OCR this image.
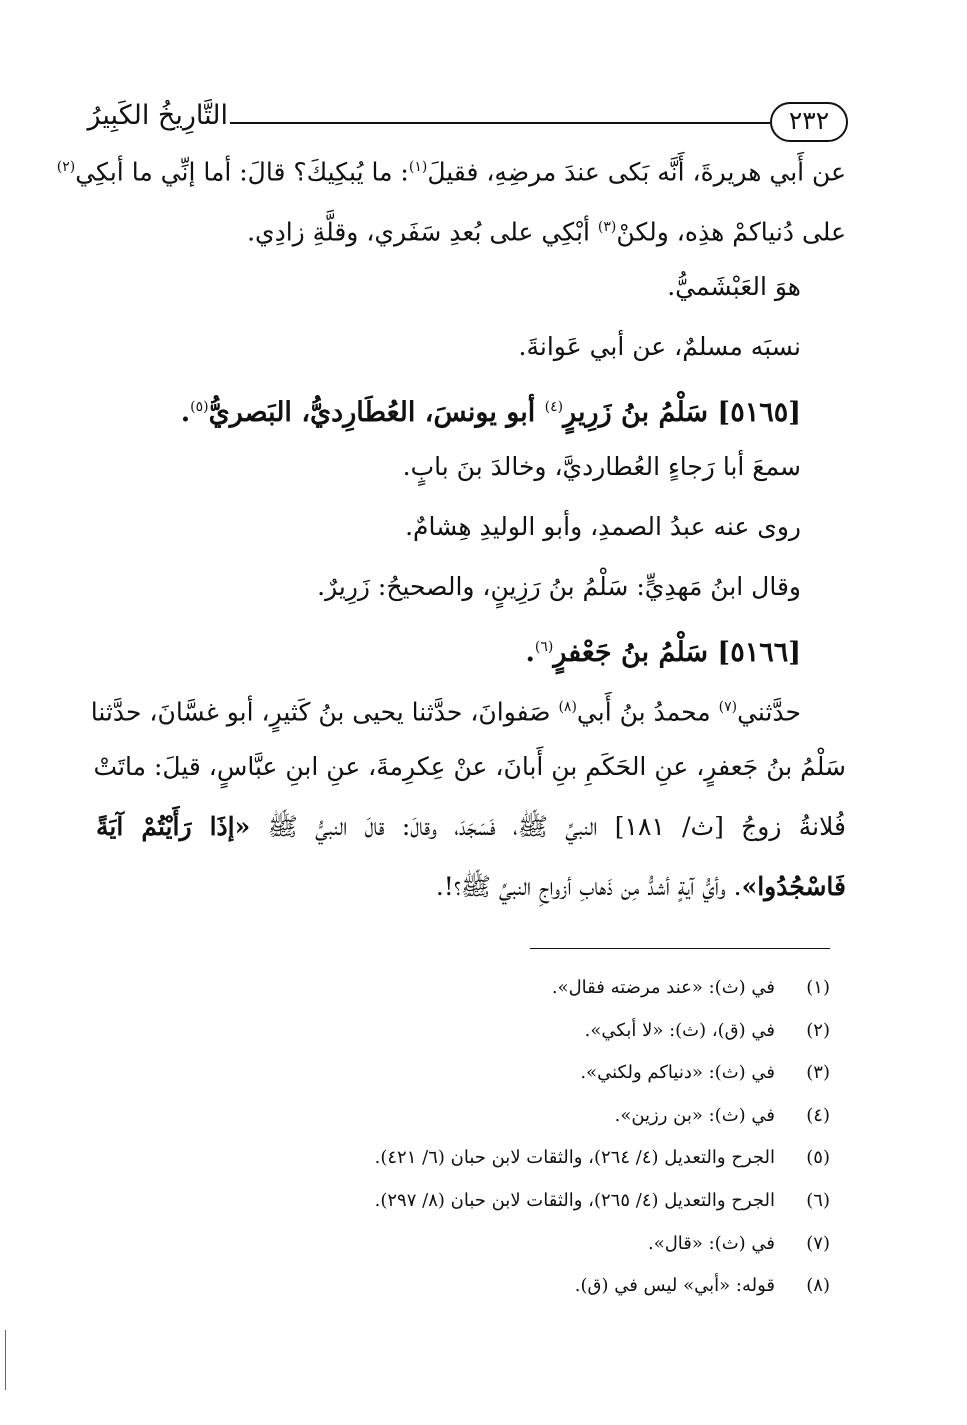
٢٣٢
التَّارِيخُ الكَبِيرُ
عن أَبي هريرةَ، أَنَّه بَكى عندَ مرضِهِ، فقيلَ$^{(١)}$: ما يُبكِيكَ؟ قالَ: أما إنِّي ما أبكِي$^{(٢)}$
على دُنياكمْ هذِه، ولكنْ$^{(٣)}$ أبْكِي على بُعدِ سَفَري، وقلَّةِ زادِي.
هوَ العَبْشَميُّ.
نسبَه مسلمٌ، عن أبي عَوانةَ.
[٥١٦٥] سَلْمُ بنُ زَرِيرٍ$^{(٤)}$ أبو يونسَ، العُطَارِديُّ، البَصريُّ$^{(٥)}$.
سمعَ أبا رَجاءٍ العُطارديَّ، وخالدَ بنَ بابٍ.
روى عنه عبدُ الصمدِ، وأبو الوليدِ هِشامٌ.
وقال ابنُ مَهدِيٍّ: سَلْمُ بنُ رَزِينٍ، والصحيحُ: زَرِيرٌ.
[٥١٦٦] سَلْمُ بنُ جَعْفرٍ$^{(٦)}$.
حدَّثني$^{(٧)}$ محمدُ بنُ أَبي$^{(٨)}$ صَفوانَ، حدَّثنا يحيى بنُ كَثيرٍ، أبو غسَّانَ، حدَّثنا
سَلْمُ بنُ جَعفرٍ، عنِ الحَكَمِ بنِ أَبانَ، عنْ عِكرِمةَ، عنِ ابنِ عبَّاسٍ، قيلَ: ماتَتْ
فُلانةُ زوجُ [ث/ ١٨١] النبيِّ ﷺ، فَسَجَدَ، وقالَ: قالَ النبيُّ ﷺ «إذَا رَأَيْتُمْ آيَةً
فَاسْجُدُوا». وأيُّ آيةٍ أشدُّ مِن ذَهابِ أزواجِ النبيِّ ﷺ؟!.
(١)في (ث): «عند مرضته فقال».
(٢)في (ق)، (ث): «لا أبكي».
(٣)في (ث): «دنياكم ولكني».
(٤)في (ث): «بن رزين».
(٥)الجرح والتعديل (٤/ ٢٦٤)، والثقات لابن حبان (٦/ ٤٢١).
(٦)الجرح والتعديل (٤/ ٢٦٥)، والثقات لابن حبان (٨/ ٢٩٧).
(٧)في (ث): «قال».
(٨)قوله: «أبي» ليس في (ق).
